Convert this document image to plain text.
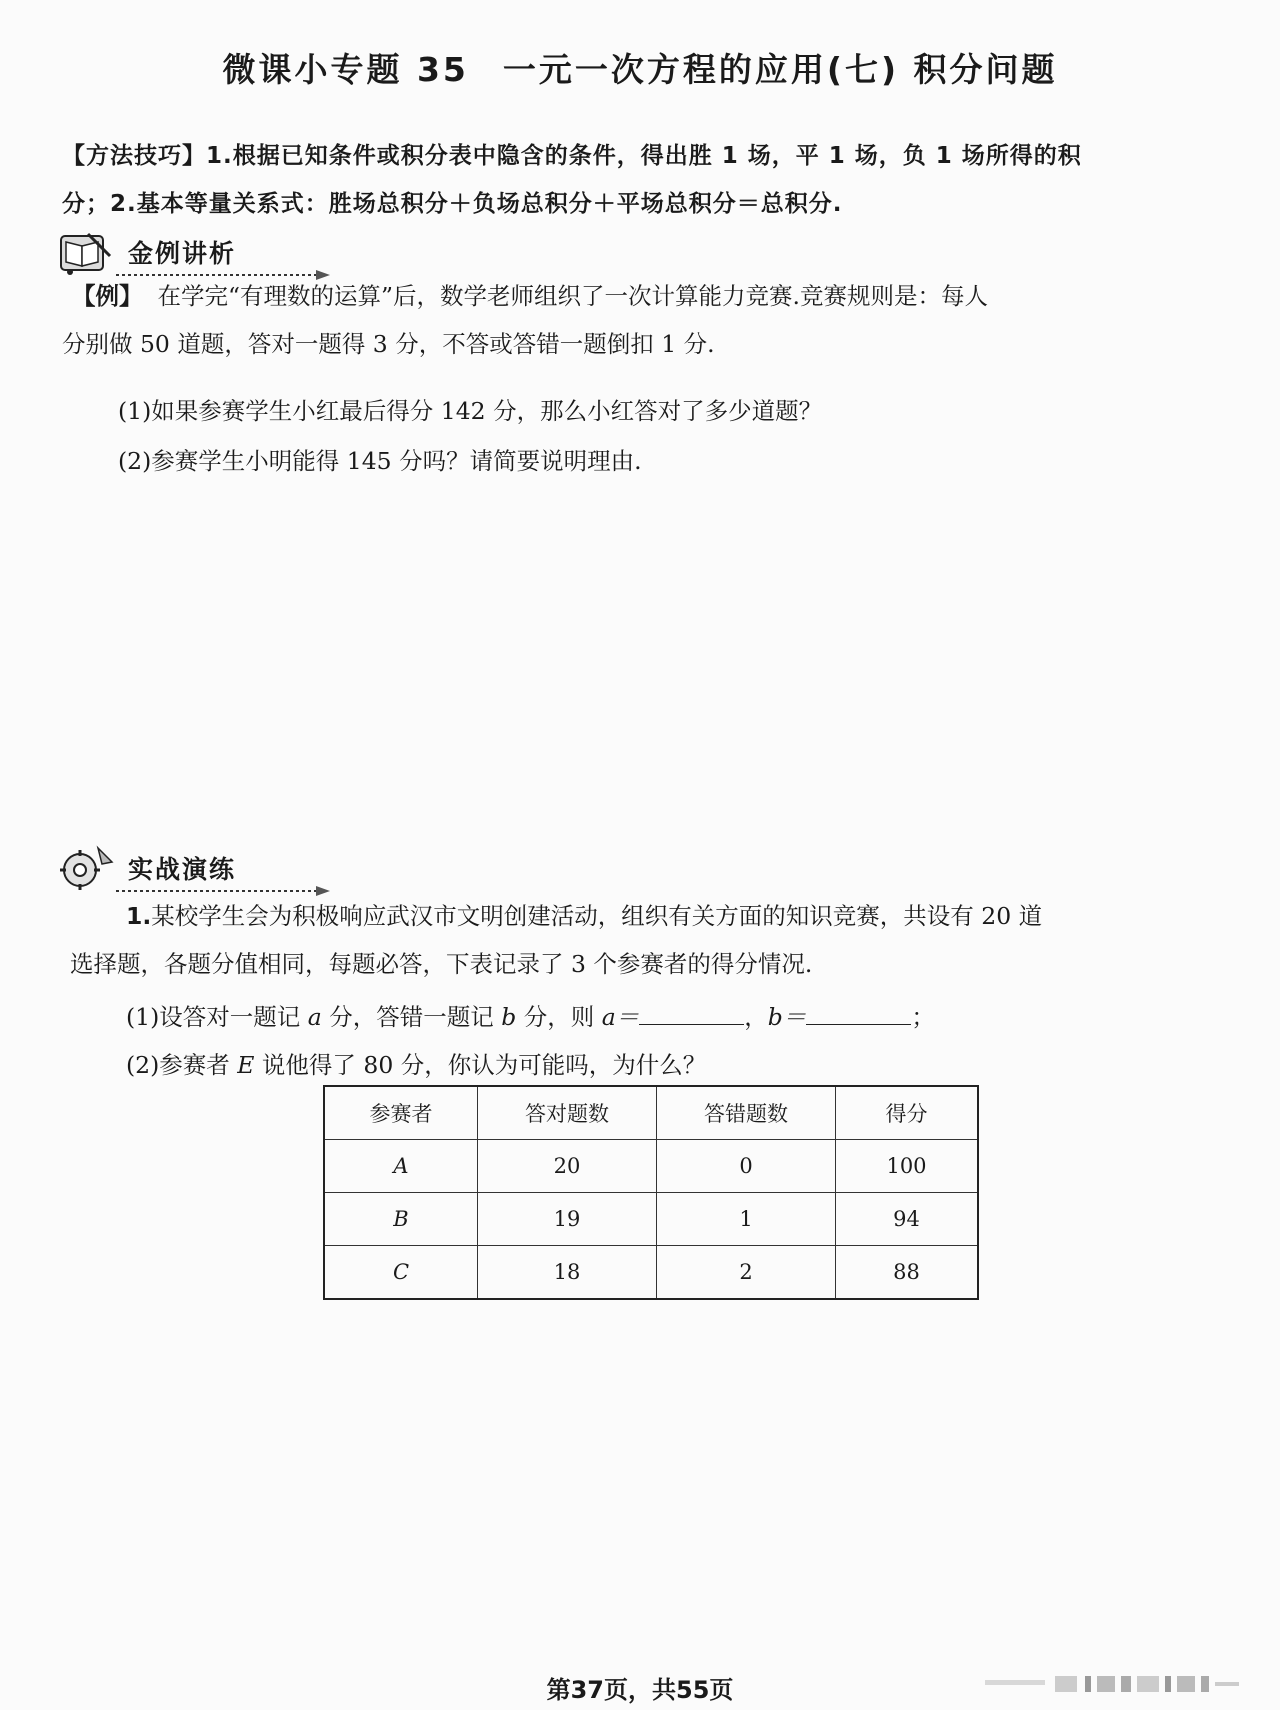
微课小专题 35 一元一次方程的应用(七) 积分问题
【方法技巧】1.根据已知条件或积分表中隐含的条件，得出胜 1 场，平 1 场，负 1 场所得的积
分；2.基本等量关系式：胜场总积分＋负场总积分＋平场总积分＝总积分.
金例讲析
【例】 在学完“有理数的运算”后，数学老师组织了一次计算能力竞赛.竞赛规则是：每人
分别做 50 道题，答对一题得 3 分，不答或答错一题倒扣 1 分.
(1)如果参赛学生小红最后得分 142 分，那么小红答对了多少道题？
(2)参赛学生小明能得 145 分吗？请简要说明理由.
实战演练
1.某校学生会为积极响应武汉市文明创建活动，组织有关方面的知识竞赛，共设有 20 道
选择题，各题分值相同，每题必答，下表记录了 3 个参赛者的得分情况.
(1)设答对一题记 a 分，答错一题记 b 分，则 a＝	，b＝	；
(2)参赛者 E 说他得了 80 分，你认为可能吗，为什么？
参赛者	答对题数	答错题数	得分
A	20	0	100
B	19	1	94
C	18	2	88
第37页，共55页
